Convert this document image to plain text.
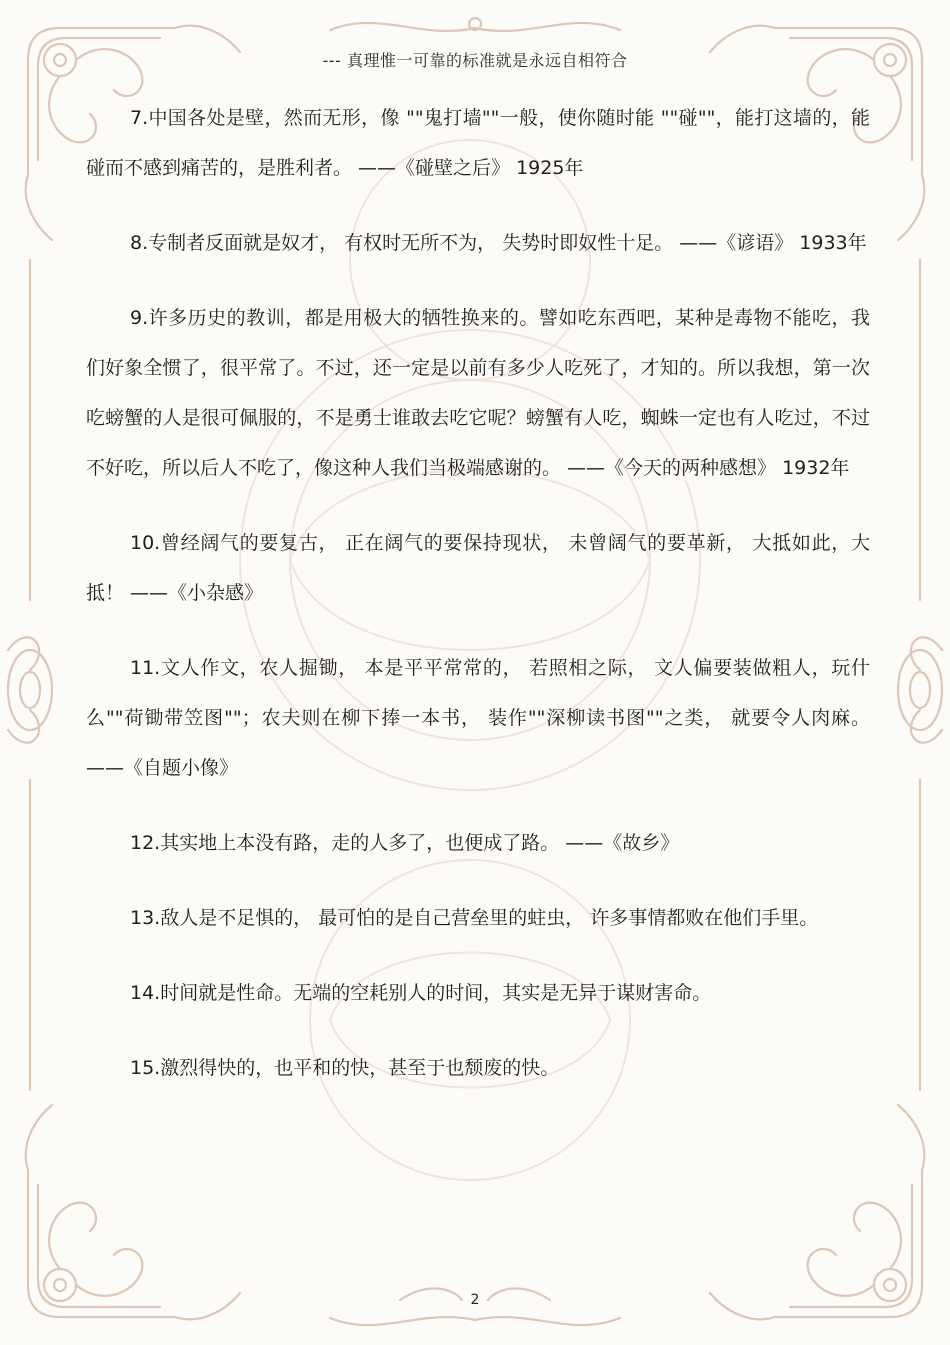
--- 真理惟一可靠的标准就是永远自相符合

7.中国各处是壁，然而无形，像 ""鬼打墙""一般，使你随时能 ""碰""，能打这墙的，能碰而不感到痛苦的，是胜利者。 ——《碰壁之后》 1925年

8.专制者反面就是奴才， 有权时无所不为， 失势时即奴性十足。 ——《谚语》 1933年

9.许多历史的教训，都是用极大的牺牲换来的。譬如吃东西吧，某种是毒物不能吃，我们好象全惯了，很平常了。不过，还一定是以前有多少人吃死了，才知的。所以我想，第一次吃螃蟹的人是很可佩服的，不是勇士谁敢去吃它呢？螃蟹有人吃，蜘蛛一定也有人吃过，不过不好吃，所以后人不吃了，像这种人我们当极端感谢的。 ——《今天的两种感想》 1932年

10.曾经阔气的要复古， 正在阔气的要保持现状， 未曾阔气的要革新， 大抵如此，大抵！ ——《小杂感》

11.文人作文，农人掘锄， 本是平平常常的， 若照相之际， 文人偏要装做粗人，玩什么""荷锄带笠图""；农夫则在柳下捧一本书， 装作""深柳读书图""之类， 就要令人肉麻。 ——《自题小像》

12.其实地上本没有路，走的人多了，也便成了路。 ——《故乡》

13.敌人是不足惧的， 最可怕的是自己营垒里的蛀虫， 许多事情都败在他们手里。

14.时间就是性命。无端的空耗别人的时间，其实是无异于谋财害命。

15.激烈得快的，也平和的快，甚至于也颓废的快。

2
